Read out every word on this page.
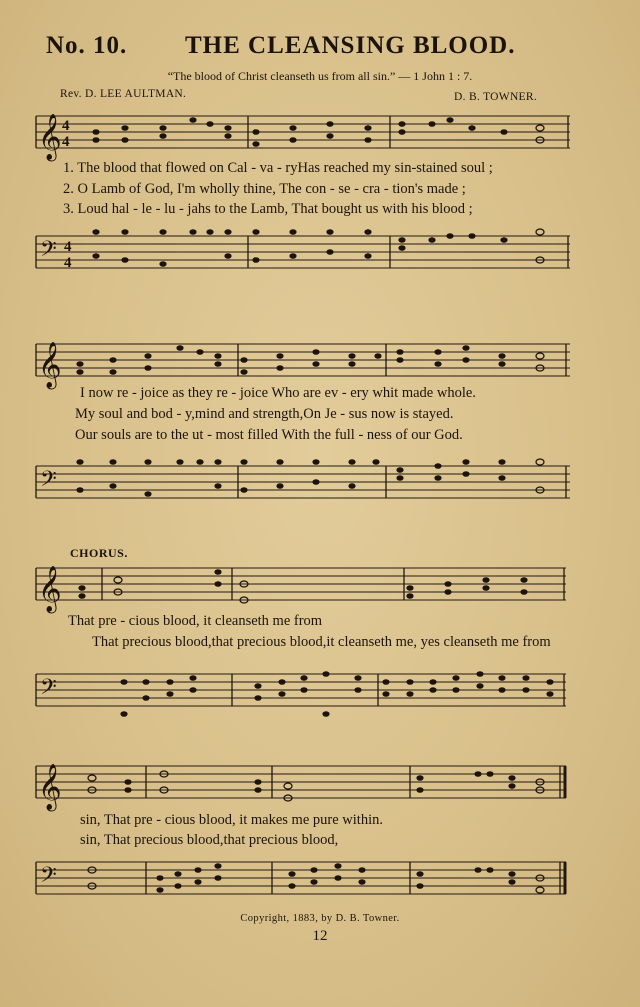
No. 10. THE CLEANSING BLOOD.
“The blood of Christ cleanseth us from all sin.” — 1 John 1 : 7.
Rev. D. LEE AULTMAN.	D. B. TOWNER.
𝄞 4
4
1. The blood that flowed on Cal - va - ryHas reached my sin-stained soul ;
2. O Lamb of God, I'm wholly thine, The con - se - cra - tion's made ;
3. Loud hal - le - lu - jahs to the Lamb, That bought us with his blood ;
𝄢 4
4
𝄞
I now re - joice as they re - joice Who are ev - ery whit made whole.
My soul and bod - y,mind and strength,On Je - sus now is stayed.
Our souls are to the ut - most filled With the full - ness of our God.
𝄢
CHORUS.
𝄞
That pre - cious blood, it cleanseth me from
That precious blood,that precious blood,it cleanseth me, yes cleanseth me from
𝄢
𝄞
sin, That pre - cious blood, it makes me pure within.
sin, That precious blood,that precious blood,
𝄢
Copyright, 1883, by D. B. Towner.
12
